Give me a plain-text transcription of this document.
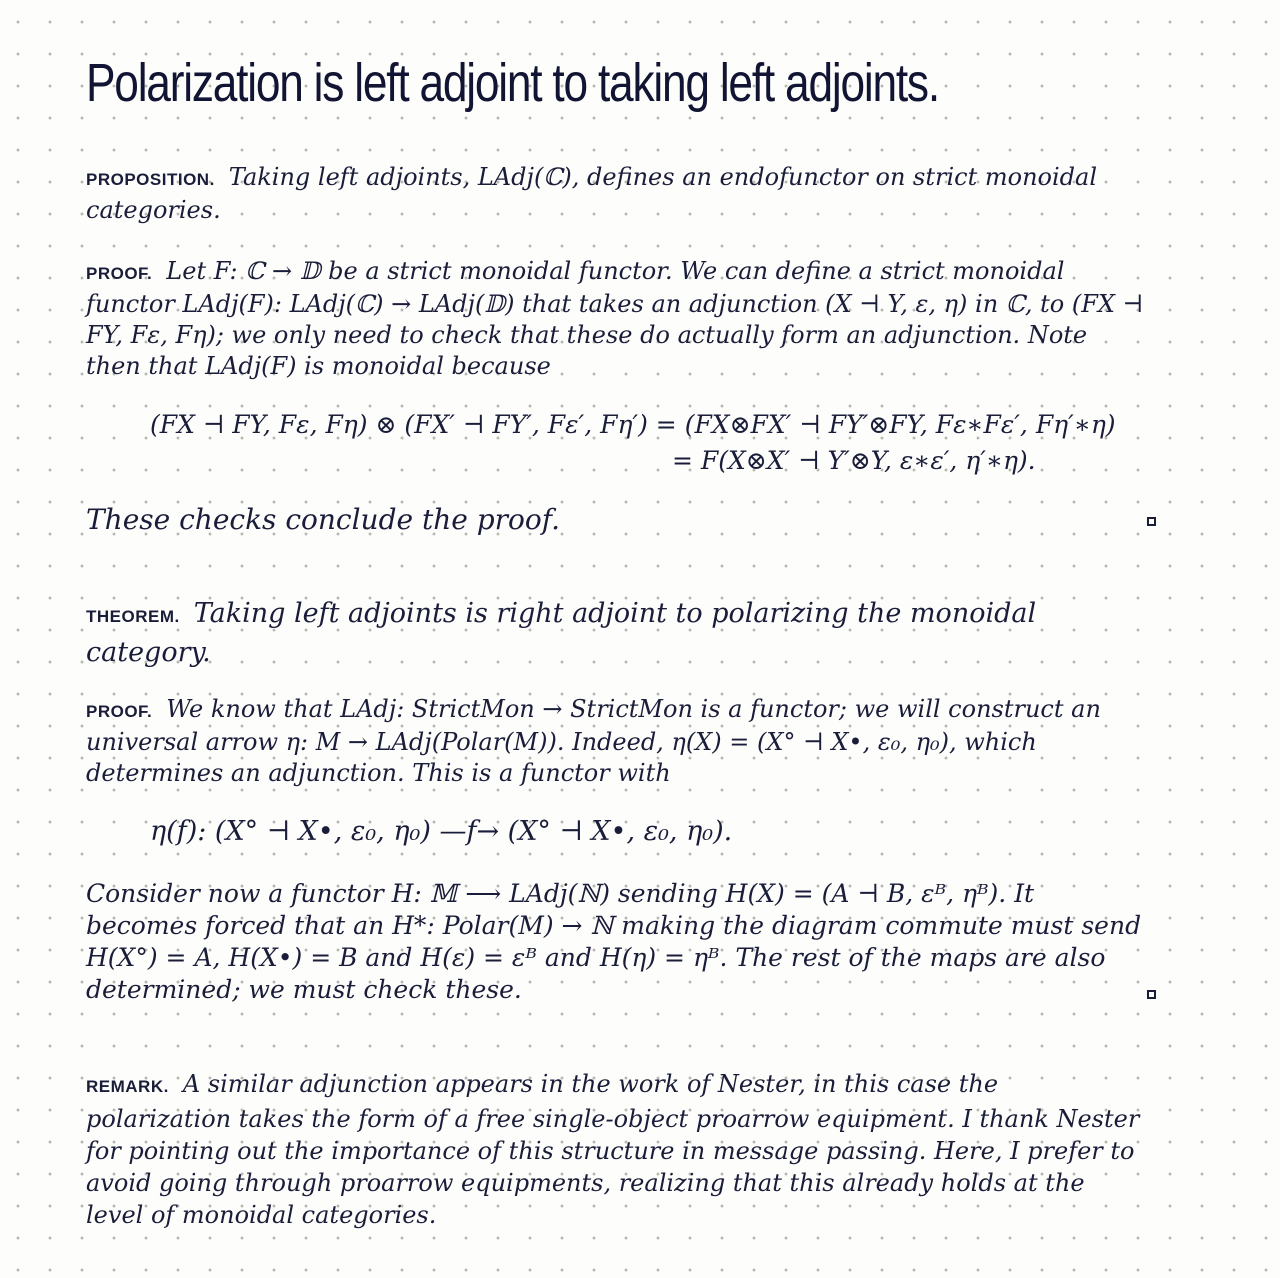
Polarization is left adjoint to taking left adjoints.
PROPOSITION. Taking left adjoints, LAdj(ℂ), defines an endofunctor on strict monoidal categories.
PROOF. Let F: ℂ → 𝔻 be a strict monoidal functor. We can define a strict monoidal functor LAdj(F): LAdj(ℂ) → LAdj(𝔻) that takes an adjunction (X ⊣ Y, ε, η) in ℂ, to (FX ⊣ FY, Fε, Fη); we only need to check that these do actually form an adjunction. Note then that LAdj(F) is monoidal because
(FX ⊣ FY, Fε, Fη) ⊗ (FX′ ⊣ FY′, Fε′, Fη′) = (FX⊗FX′ ⊣ FY′⊗FY, Fε∗Fε′, Fη′∗η)
= F(X⊗X′ ⊣ Y′⊗Y, ε∗ε′, η′∗η).
These checks conclude the proof.
THEOREM. Taking left adjoints is right adjoint to polarizing the monoidal category.
PROOF. We know that LAdj: StrictMon → StrictMon is a functor; we will construct an universal arrow η: M → LAdj(Polar(M)). Indeed, η(X) = (X° ⊣ X•, ε₀, η₀), which determines an adjunction. This is a functor with
η(f): (X° ⊣ X•, ε₀, η₀) —f→ (X° ⊣ X•, ε₀, η₀).
Consider now a functor H: 𝕄 ⟶ LAdj(ℕ) sending H(X) = (A ⊣ B, εᴮ, ηᴮ). It becomes forced that an H*: Polar(M) → ℕ making the diagram commute must send H(X°) = A, H(X•) = B and H(ε) = εᴮ and H(η) = ηᴮ. The rest of the maps are also determined; we must check these.
REMARK. A similar adjunction appears in the work of Nester, in this case the polarization takes the form of a free single-object proarrow equipment. I thank Nester for pointing out the importance of this structure in message passing. Here, I prefer to avoid going through proarrow equipments, realizing that this already holds at the level of monoidal categories.
